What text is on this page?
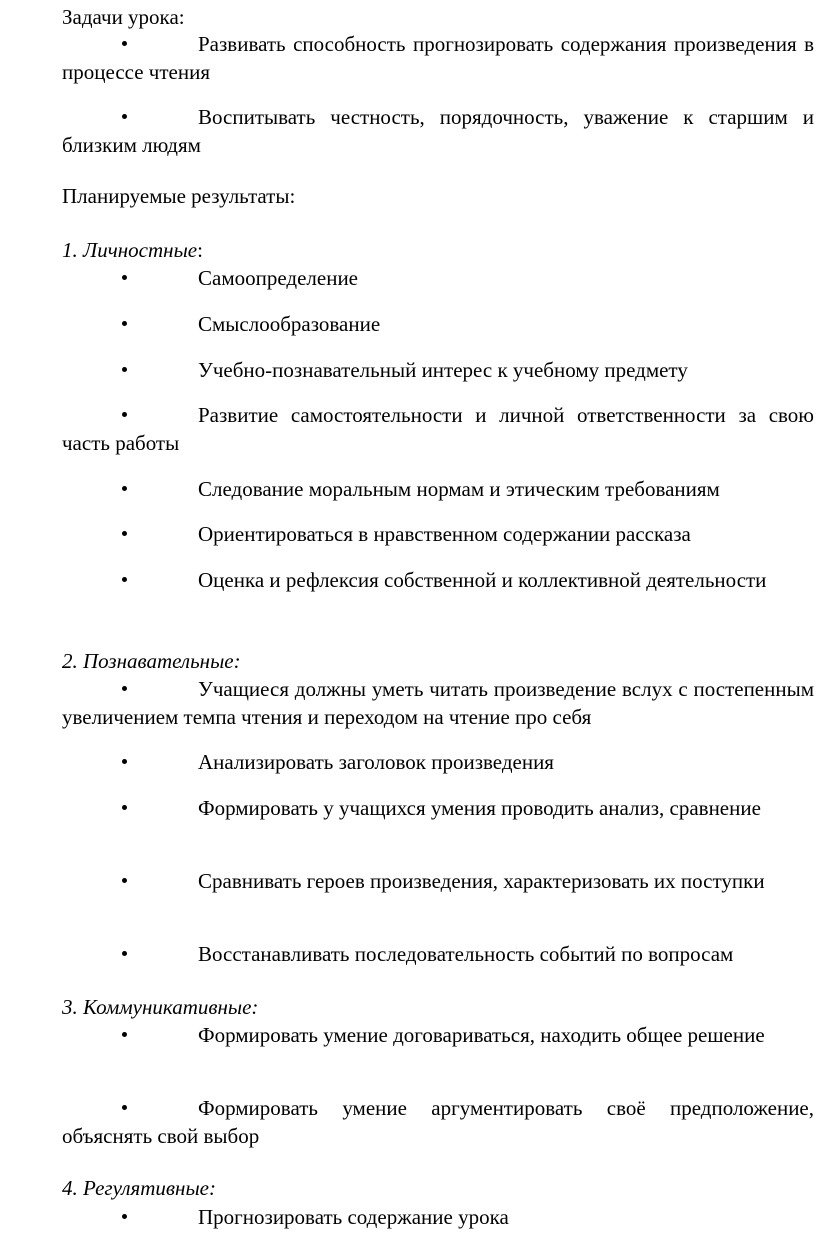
Задачи урока:

Развивать способность прогнозировать содержания произведения в процессе чтения

Воспитывать честность, порядочность, уважение к старшим и близким людям

Планируемые результаты:

1. Личностные:

Самоопределение

Смыслообразование

Учебно-познавательный интерес к учебному предмету

Развитие самостоятельности и личной ответственности за свою часть работы

Следование моральным нормам и этическим требованиям

Ориентироваться в нравственном содержании рассказа

Оценка и рефлексия собственной и коллективной деятельности

2. Познавательные:

Учащиеся должны уметь читать произведение вслух с постепенным увеличением темпа чтения и переходом на чтение про себя

Анализировать заголовок произведения

Формировать у учащихся умения проводить анализ, сравнение

Сравнивать героев произведения, характеризовать их поступки

Восстанавливать последовательность событий по вопросам

3. Коммуникативные:

Формировать умение договариваться, находить общее решение

Формировать умение аргументировать своё предположение, объяснять свой выбор

4. Регулятивные:

Прогнозировать содержание урока
